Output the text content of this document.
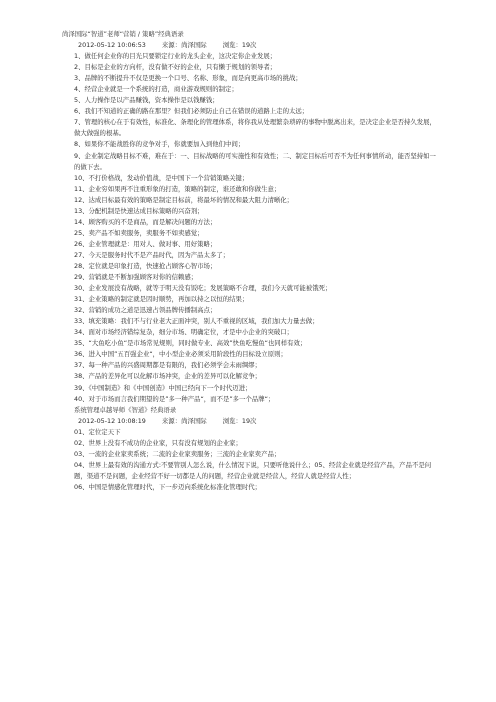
尚泽国际“智道”老师“营销 / 策略”经典语录
2012-05-12 10:06:53	来源：尚泽国际	浏览：19次
1、做任何企业你的目光只要锁定行业的龙头企业，这决定你企业发展；
2、目标是企业的方向杆，没有做不好的企业，只有懒于规划的领导者；
3、品牌的不断提升不仅是更换一个口号、名称、形象，而是向更高市场的挑战；
4、经营企业就是一个系统的打造，商业游戏规则的制定；
5、人力操作是以产品赚钱，资本操作是以钱赚钱；
6、我们不知道的正确的路在那里？但我们必须防止自己在错误的道路上走的太远；
7、管理的核心在于有效性，标准化、条理化的管理体系，将你我从处理繁杂琐碎的事物中脱离出来，是决定企业是否持久发展，做大做强的根基。
8、如果你不能战胜你的竞争对手，你就要加入到他们中间；
9、企业制定战略目标不难，难在于：一、目标战略的可实施性和有效性；二、制定目标后可否不为任何事情所动，能否坚持如一的做下去。
10、不打价格战，发动价值战，是中国下一个营销策略关键；
11、企业穷如果再不注重形象的打造，策略的制定，谁还敢和你做生意；
12、达成目标最有效的策略是制定目标前，将最坏的情况和最大阻力清晰化；
13、分配机制是快速达成目标策略的兴奋剂；
14、顾客购买的不是商品，而是解决问题的方法；
25、卖产品不如卖服务，卖服务不如卖感觉；
26、企业管理就是：用对人、做对事、用好策略；
27、今天是服务时代不是产品时代，因为产品太多了；
28、定位就是印象打造，快速抢占顾客心智市场；
29、营销就是不断加强顾客对你的信赖感；
30、企业发展没有战略，就等于明天没有饭吃；发展策略不合理，我们今天就可能被饿死；
31、企业策略的制定就是因时顺势，再加以持之以恒的结果；
32、营销的成功之道是迅速占领品牌传播制高点；
33、填充策略：我们不与行业老大正面冲突，别人不重视的区域，我们加大力量去做；
34、面对市场经济错综复杂，细分市场、明确定位，才是中小企业的突破口；
35、“大鱼吃小鱼“是市场常见规则，同时做专业、高效”快鱼吃慢鱼“也同样有效；
36、进入中国”五百强企业“，中小型企业必须采用阶段性的目标设立原则；
37、每一种产品的兴盛周期都是有限的，我们必须学会未雨绸缪；
38、产品的差异化可以化解市场冲突，企业的差异可以化解竞争；
39、《中国制造》和《中国创造》中国已经向下一个时代迈进；
40、对于市场而言我们期望的是”多一种产品“，而不是”多一个品牌“；
系统管理卓越导师《智道》经典语录
2012-05-12 10:08:19	来源：尚泽国际	浏览：19次
01、定位定天下
02、世界上没有不成功的企业家，只有没有规划的企业家；
03、一流的企业家卖系统；二流的企业家卖服务；三流的企业家卖产品；
04、世界上最有效的沟通方式:不要管别人怎么说，什么情况下说，只要听他说什么；05、经营企业就是经营产品，产品不是问题，渠道不是问题，企业经营不好一切都是人的问题，经营企业就是经营人，经营人就是经营人性；
06、中国是情感化管理时代，下一步迈向系统化标准化管理时代；
